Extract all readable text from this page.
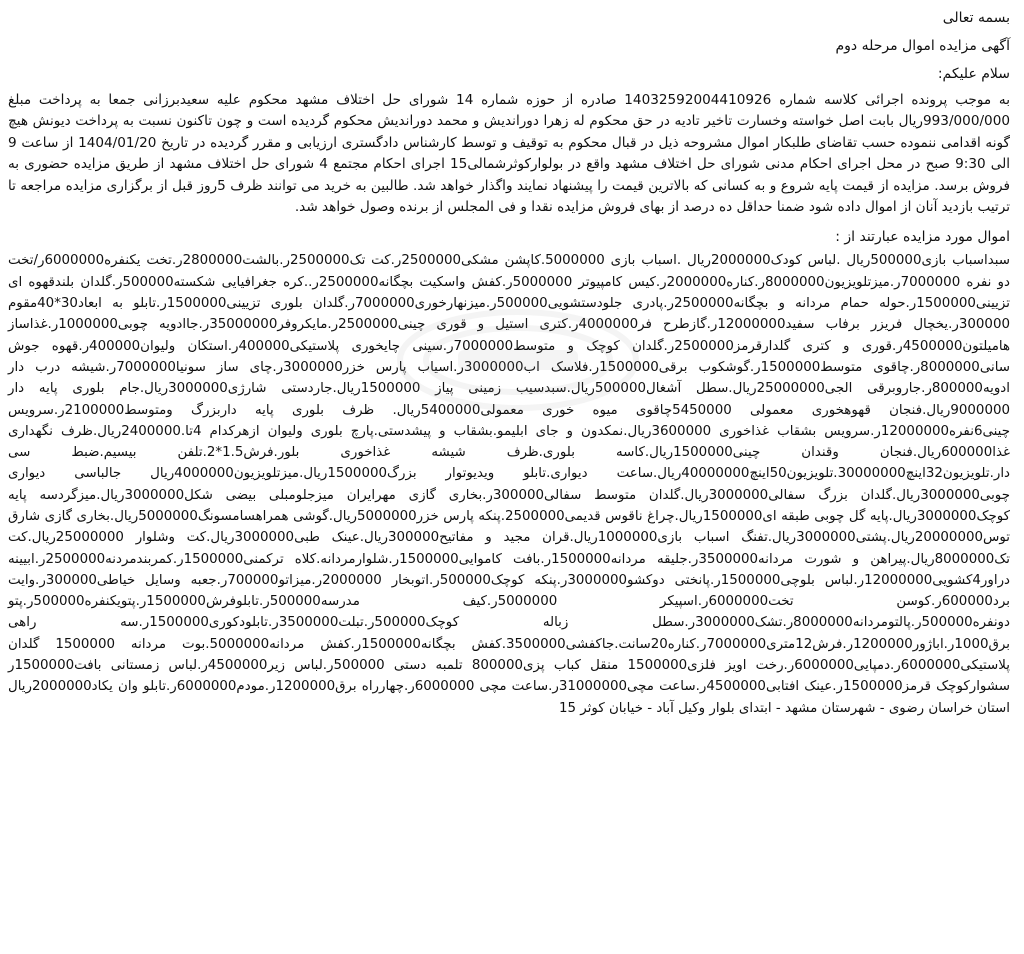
بسمه تعالی

آگهی مزایده اموال مرحله دوم

سلام علیکم:

به موجب پرونده اجرائی کلاسه شماره 14032592004410926 صادره از حوزه شماره 14 شورای حل اختلاف مشهد محکوم علیه سعیدبرزانی جمعا به پرداخت مبلغ 993/000/000ریال بابت اصل خواسته وخسارت تاخیر تادیه در حق محکوم له زهرا دوراندیش و محمد دوراندیش محکوم گردیده است و چون تاکنون نسبت به پرداخت دیونش هیچ گونه اقدامی ننموده حسب تقاضای طلبکار اموال مشروحه ذیل در قبال محکوم به توقیف و توسط کارشناس دادگستری ارزیابی و مقرر گردیده در تاریخ 1404/01/20 از ساعت 9 الی 9:30 صبح در محل اجرای احکام مدنی شورای حل اختلاف مشهد واقع در بولوارکوثرشمالی15 اجرای احکام مجتمع 4 شورای حل اختلاف مشهد از طریق مزایده حضوری به فروش برسد. مزایده از قیمت پایه شروع و به کسانی که بالاترین قیمت را پیشنهاد نمایند واگذار خواهد شد. طالبین به خرید می توانند ظرف 5روز قبل از برگزاری مزایده مراجعه تا ترتیب بازدید آنان از اموال داده شود ضمنا حداقل ده درصد از بهای فروش مزایده نقدا و فی المجلس از برنده وصول خواهد شد.

اموال مورد مزایده عبارتند از :

سبداسباب بازی500000ریال .لباس کودک2000000ریال .اسباب بازی 5000000.کاپشن مشکی2500000ر.کت تک2500000ر.بالشت2800000ر.تخت یکنفره6000000ر/تخت دو نفره 7000000ر.میزتلویزیون8000000ر.کناره2000000ر.کیس کامپیوتر 5000000ر.کفش واسکیت بچگانه2500000ر..کره جغرافیایی شکسته500000ر.گلدان بلندقهوه ای تزیینی1500000ر.حوله حمام مردانه و بچگانه2500000ر.پادری جلودستشویی500000ر.میزنهارخوری7000000ر.گلدان بلوری تزیینی1500000ر.تابلو به ابعاد30*40مقوم 300000ر.یخچال فریزر برفاب سفید12000000ر.گازطرح فر4000000ر.کتری استیل و قوری چینی2500000ر.مایکروفر35000000ر.جاادویه چوبی1000000ر.غذاساز هامیلتون4500000ر.قوری و کتری گلدارقرمز2500000ر.گلدان کوچک و متوسط7000000ر.سینی چایخوری پلاستیکی400000ر.استکان ولیوان400000ر.قهوه جوش سانی8000000ر.چاقوی متوسط1500000ر.گوشکوب برقی1500000ر.فلاسک اب3000000ر.اسیاب پارس خزر3000000ر.چای ساز سونیا7000000ر.شیشه درب دار ادویه800000ر.جاروبرقی الجی25000000ریال.سطل آشغال500000ریال.سبدسیب زمینی پیاز 1500000ریال.جاردستی شارژی3000000ریال.جام بلوری پایه دار 9000000ریال.فنجان قهوهخوری معمولی 5450000چاقوی میوه خوری معمولی5400000ریال. ظرف بلوری پایه داربزرگ ومتوسط2100000ر.سرویس چینی6نفره12000000ر.سرویس بشقاب غذاخوری 3600000ریال.نمکدون و جای ابلیمو.بشقاب و پیشدستی.پارچ بلوری ولیوان ازهرکدام 4تا.2400000ریال.ظرف نگهداری غذا600000ریال.فنجان وقندان چینی1500000ریال.کاسه بلوری.ظرف شیشه غذاخوری بلور.فرش1.5*2.تلفن بیسیم.ضبط سی دار.تلویزیون32اینچ30000000.تلویزیون50اینچ40000000ریال.ساعت دیواری.تابلو ویدیوتوار بزرگ1500000ریال.میزتلویزیون4000000ریال جالباسی دیواری چوبی3000000ریال.گلدان بزرگ سفالی3000000ریال.گلدان متوسط سفالی300000ر.بخاری گازی مهرایران میزجلومبلی بیضی شکل3000000ریال.میزگردسه پایه کوچک3000000ریال.پایه گل چوبی طبقه ای1500000ریال.چراغ ناقوس قدیمی2500000.پنکه پارس خزر5000000ریال.گوشی همراهسامسونگ5000000ریال.بخاری گازی شارق توس20000000ریال.پشتی3000000ریال.تفنگ اسباب بازی1000000ریال.قران مجید و مفاتیح300000ریال.عینک طبی3000000ریال.کت وشلوار 25000000ریال.کت تک8000000ریال.پیراهن و شورت مردانه3500000ر.جلیقه مردانه1500000ر.بافت کاموایی1500000ر.شلوارمردانه.کلاه ترکمنی1500000ر.کمربندمردنه2500000ر.ابیینه دراور4کشویی12000000ر.لباس بلوچی1500000ر.پانختی دوکشو3000000ر.پنکه کوچک500000ر.اتوبخار 2000000ر.میزاتو700000ر.جعبه وسایل خیاطی300000ر.وایت برد600000ر.کوسن تخت6000000ر.اسپیکر 5000000ر.کیف مدرسه500000ر.تابلوفرش1500000ر.پتویکنفره500000ر.پتو دونفره500000ر.پالتومردانه8000000ر.تشک3000000ر.سطل زباله کوچک500000ر.تبلت3500000ر.تابلودکوری1500000ر.سه راهی برق1000ر.اباژور1200000ر.فرش12متری7000000ر.کناره20سانت.جاکفشی3500000.کفش بچگانه1500000ر.کفش مردانه5000000.بوت مردانه 1500000 گلدان پلاستیکی6000000ر.دمپایی6000000ر.رخت اویز فلزی1500000 منقل کباب پزی800000 تلمبه دستی 500000ر.لباس زیر4500000ر.لباس زمستانی بافت1500000ر سشوارکوچک قرمز1500000ر.عینک افتابی4500000ر.ساعت مچی31000000ر.ساعت مچی 6000000ر.چهارراه برق1200000ر.مودم6000000ر.تابلو وان یکاد2000000ریال استان خراسان رضوی - شهرستان مشهد - ابتدای بلوار وکیل آباد - خیابان کوثر 15
